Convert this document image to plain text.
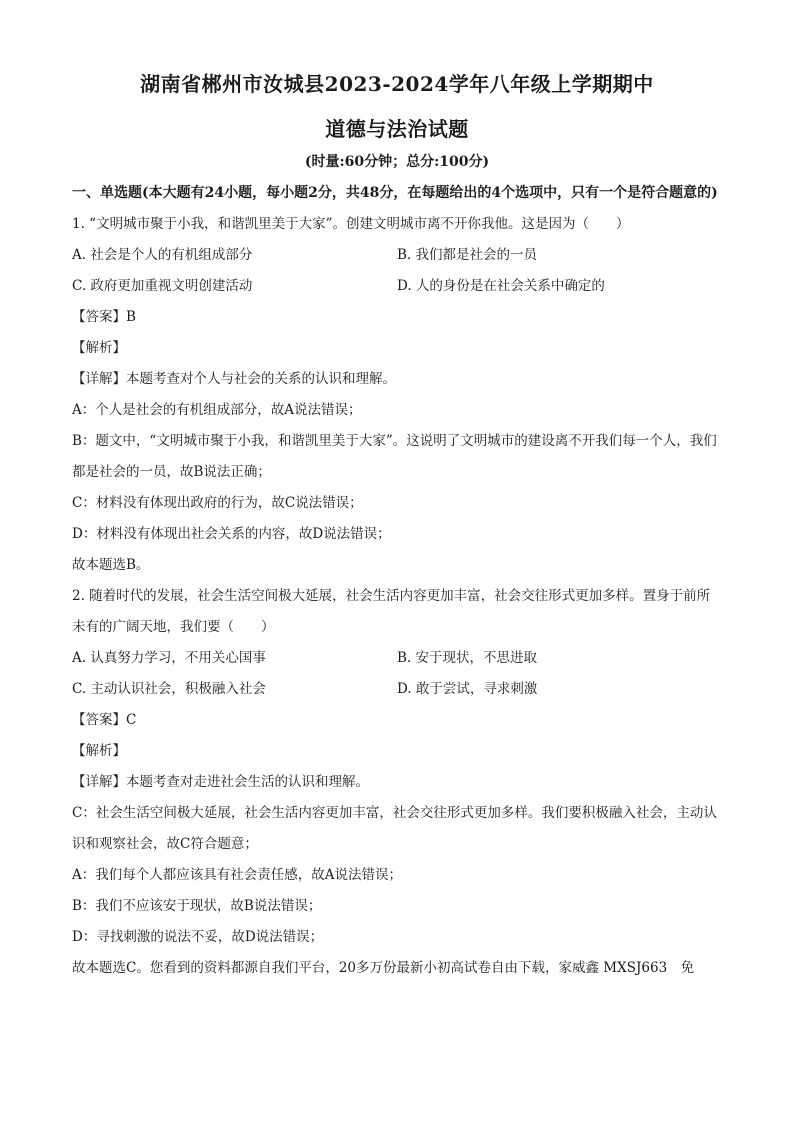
湖南省郴州市汝城县2023-2024学年八年级上学期期中
道德与法治试题
(时量:60分钟；总分:100分)
一、单选题(本大题有24小题，每小题2分，共48分，在每题给出的4个选项中，只有一个是符合题意的)
1. “文明城市聚于小我，和谐凯里美于大家”。创建文明城市离不开你我他。这是因为（　　）
A. 社会是个人的有机组成部分	B. 我们都是社会的一员
C. 政府更加重视文明创建活动	D. 人的身份是在社会关系中确定的
【答案】B
【解析】
【详解】本题考查对个人与社会的关系的认识和理解。
A：个人是社会的有机组成部分，故A说法错误；
B：题文中，“文明城市聚于小我，和谐凯里美于大家”。这说明了文明城市的建设离不开我们每一个人，我们都是社会的一员，故B说法正确；
C：材料没有体现出政府的行为，故C说法错误；
D：材料没有体现出社会关系的内容，故D说法错误；
故本题选B。
2. 随着时代的发展，社会生活空间极大延展，社会生活内容更加丰富，社会交往形式更加多样。置身于前所未有的广阔天地，我们要（　　）
A. 认真努力学习，不用关心国事	B. 安于现状，不思进取
C. 主动认识社会，积极融入社会	D. 敢于尝试，寻求刺激
【答案】C
【解析】
【详解】本题考查对走进社会生活的认识和理解。
C：社会生活空间极大延展，社会生活内容更加丰富，社会交往形式更加多样。我们要积极融入社会，主动认识和观察社会，故C符合题意；
A：我们每个人都应该具有社会责任感，故A说法错误；
B：我们不应该安于现状，故B说法错误；
D：寻找刺激的说法不妥，故D说法错误；
故本题选C。您看到的资料都源自我们平台，20多万份最新小初高试卷自由下载，家威鑫 MXSJ663　免
